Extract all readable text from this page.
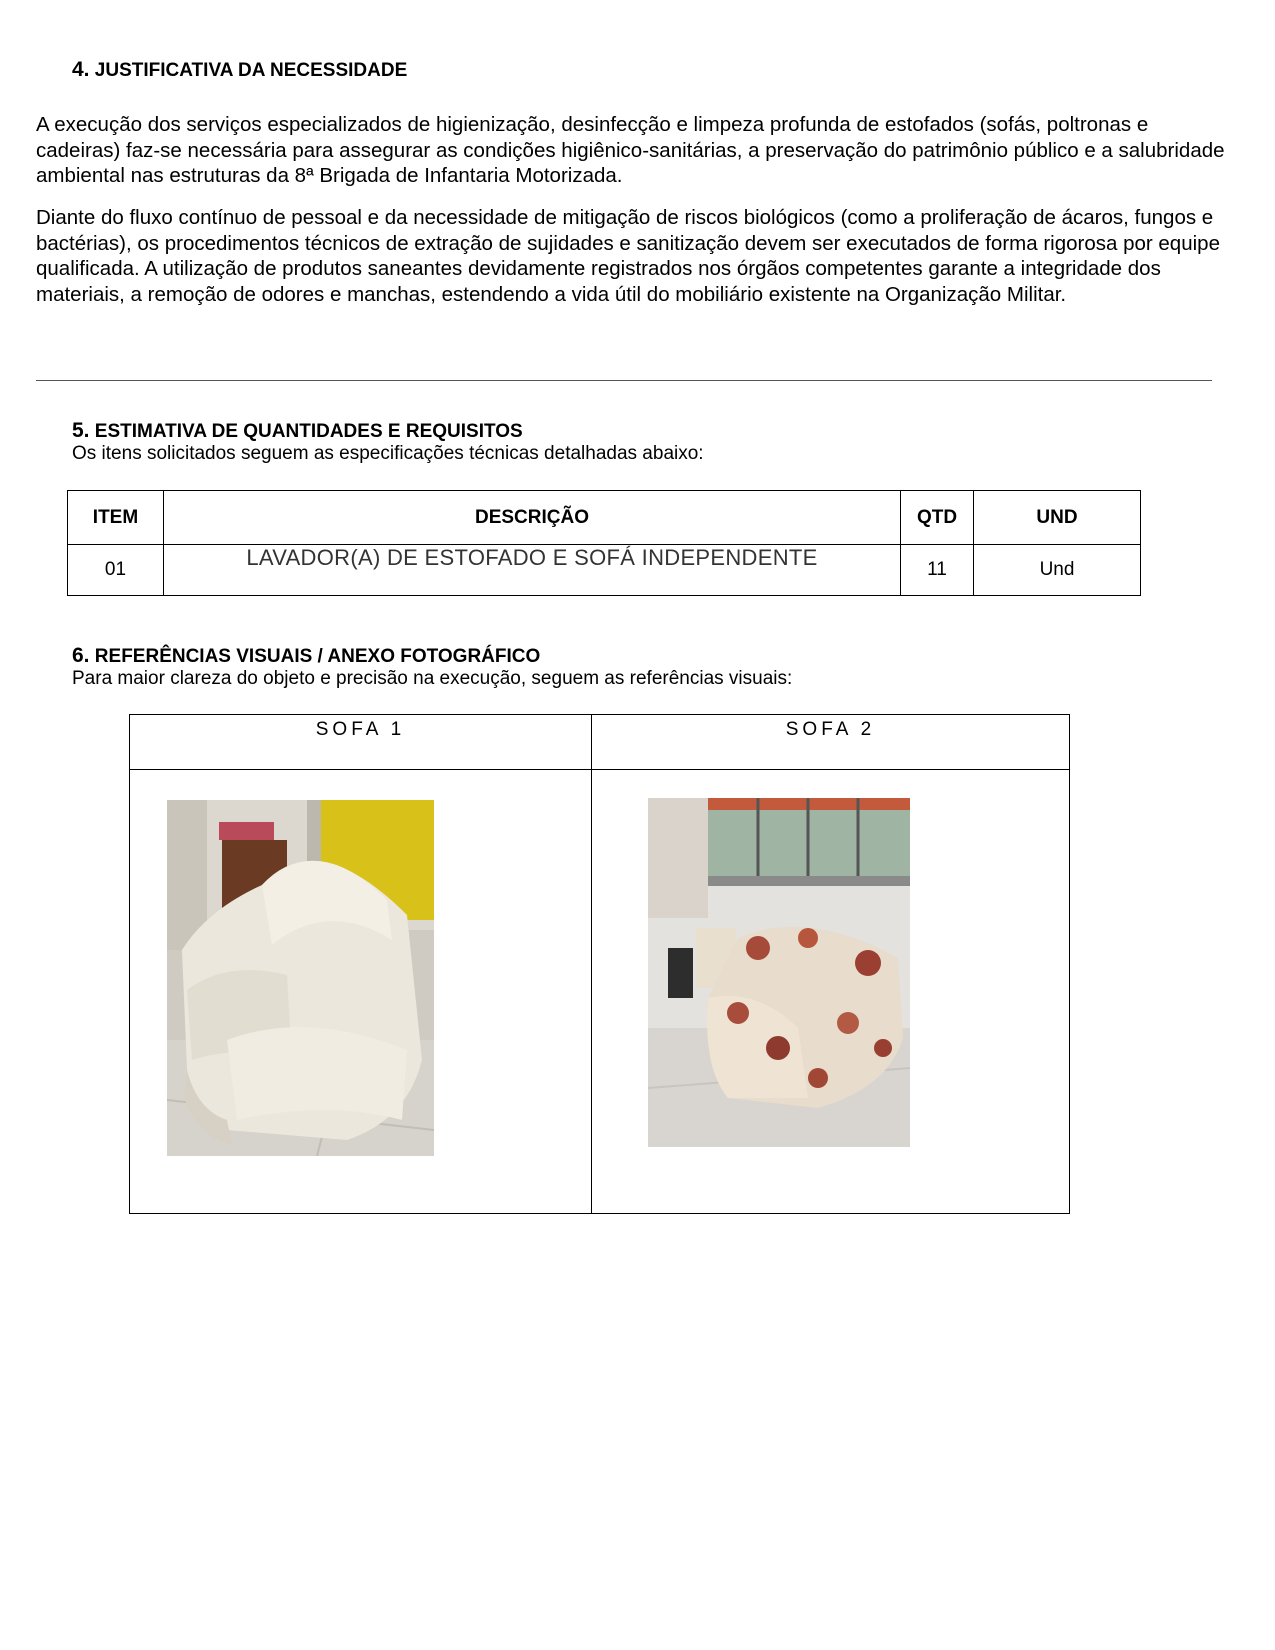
4. JUSTIFICATIVA DA NECESSIDADE

A execução dos serviços especializados de higienização, desinfecção e limpeza profunda de estofados (sofás, poltronas e cadeiras) faz-se necessária para assegurar as condições higiênico-sanitárias, a preservação do patrimônio público e a salubridade ambiental nas estruturas da 8ª Brigada de Infantaria Motorizada.

Diante do fluxo contínuo de pessoal e da necessidade de mitigação de riscos biológicos (como a proliferação de ácaros, fungos e bactérias), os procedimentos técnicos de extração de sujidades e sanitização devem ser executados de forma rigorosa por equipe qualificada. A utilização de produtos saneantes devidamente registrados nos órgãos competentes garante a integridade dos materiais, a remoção de odores e manchas, estendendo a vida útil do mobiliário existente na Organização Militar.

5. ESTIMATIVA DE QUANTIDADES E REQUISITOS
Os itens solicitados seguem as especificações técnicas detalhadas abaixo:
ITEM	DESCRIÇÃO	QTD	UND
01	LAVADOR(A) DE ESTOFADO E SOFÁ INDEPENDENTE	11	Und
6. REFERÊNCIAS VISUAIS / ANEXO FOTOGRÁFICO
Para maior clareza do objeto e precisão na execução, seguem as referências visuais:
SOFA 1	SOFA 2
